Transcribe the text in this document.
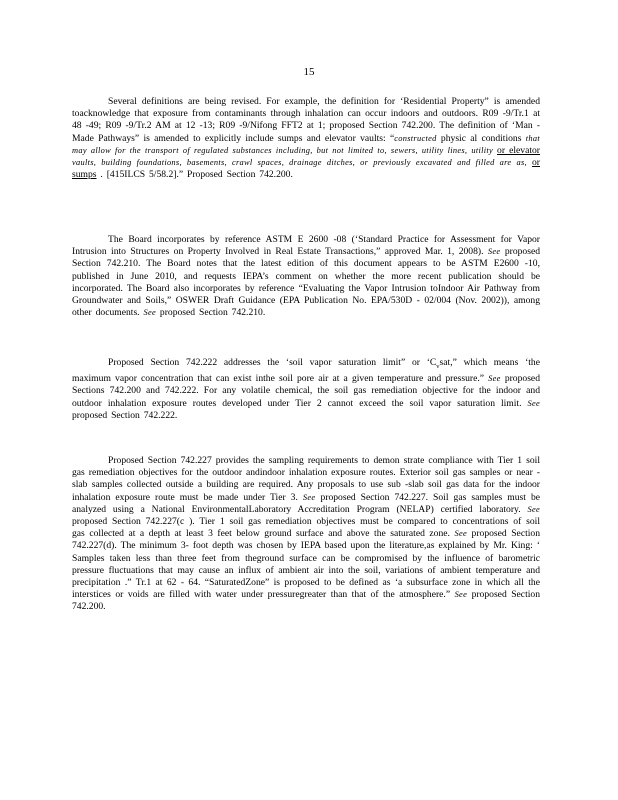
15
Several definitions are being revised. For example, the definition for ‘Residential Property” is amended toacknowledge that exposure from contaminants through inhalation can occur indoors and outdoors. R09 -9/Tr.1 at 48 -49; R09 -9/Tr.2 AM at 12 -13; R09 -9/Nifong FFT2 at 1; proposed Section 742.200. The definition of ‘Man -Made Pathways” is amended to explicitly include sumps and elevator vaults: “constructed physic al conditions that may allow for the transport of regulated substances including, but not limited to, sewers, utility lines, utility or elevator vaults, building foundations, basements, crawl spaces, drainage ditches, or previously excavated and filled are as, or sumps . [415ILCS 5/58.2].” Proposed Section 742.200.
The Board incorporates by reference ASTM E 2600 -08 (‘Standard Practice for Assessment for Vapor Intrusion into Structures on Property Involved in Real Estate Transactions,” approved Mar. 1, 2008). See proposed Section 742.210. The Board notes that the latest edition of this document appears to be ASTM E2600 -10, published in June 2010, and requests IEPA’s comment on whether the more recent publication should be incorporated. The Board also incorporates by reference “Evaluating the Vapor Intrusion toIndoor Air Pathway from Groundwater and Soils,” OSWER Draft Guidance (EPA Publication No. EPA/530D - 02/004 (Nov. 2002)), among other documents. See proposed Section 742.210.
Proposed Section 742.222 addresses the ‘soil vapor saturation limit” or ‘$C_vsat$,” which means ‘the maximum vapor concentration that can exist inthe soil pore air at a given temperature and pressure.” See proposed Sections 742.200 and 742.222. For any volatile chemical, the soil gas remediation objective for the indoor and outdoor inhalation exposure routes developed under Tier 2 cannot exceed the soil vapor saturation limit. See proposed Section 742.222.
Proposed Section 742.227 provides the sampling requirements to demon strate compliance with Tier 1 soil gas remediation objectives for the outdoor andindoor inhalation exposure routes. Exterior soil gas samples or near -slab samples collected outside a building are required. Any proposals to use sub -slab soil gas data for the indoor inhalation exposure route must be made under Tier 3. See proposed Section 742.227. Soil gas samples must be analyzed using a National EnvironmentalLaboratory Accreditation Program (NELAP) certified laboratory. See proposed Section 742.227(c ). Tier 1 soil gas remediation objectives must be compared to concentrations of soil gas collected at a depth at least 3 feet below ground surface and above the saturated zone. See proposed Section 742.227(d). The minimum 3- foot depth was chosen by IEPA based upon the literature,as explained by Mr. King: ‘ Samples taken less than three feet from theground surface can be compromised by the influence of barometric pressure fluctuations that may cause an influx of ambient air into the soil, variations of ambient temperature and precipitation .” Tr.1 at 62 - 64. “SaturatedZone” is proposed to be defined as ‘a subsurface zone in which all the interstices or voids are filled with water under pressuregreater than that of the atmosphere.” See proposed Section 742.200.
